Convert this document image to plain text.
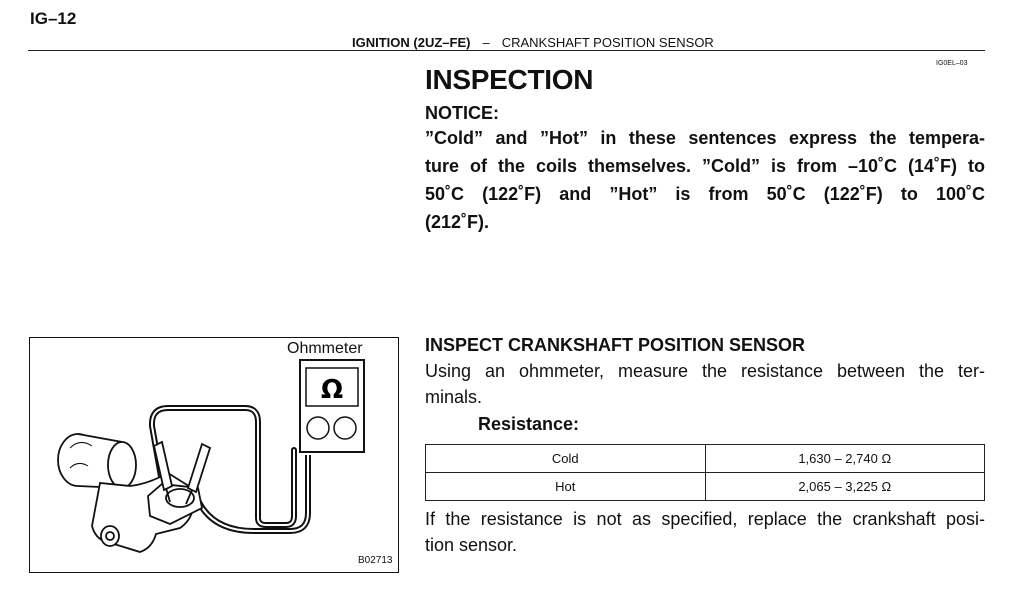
IG–12
IGNITION (2UZ–FE) – CRANKSHAFT POSITION SENSOR
IG0EL–03
INSPECTION
NOTICE:
”Cold” and ”Hot” in these sentences express the tempera-
ture of the coils themselves. ”Cold” is from –10˚C (14˚F) to
50˚C (122˚F) and ”Hot” is from 50˚C (122˚F) to 100˚C
(212˚F).
Ω
Ohmmeter
B02713
INSPECT CRANKSHAFT POSITION SENSOR
Using an ohmmeter, measure the resistance between the ter-
minals.
Resistance:
Cold	1,630 – 2,740 Ω
Hot	2,065 – 3,225 Ω
If the resistance is not as specified, replace the crankshaft posi-
tion sensor.
